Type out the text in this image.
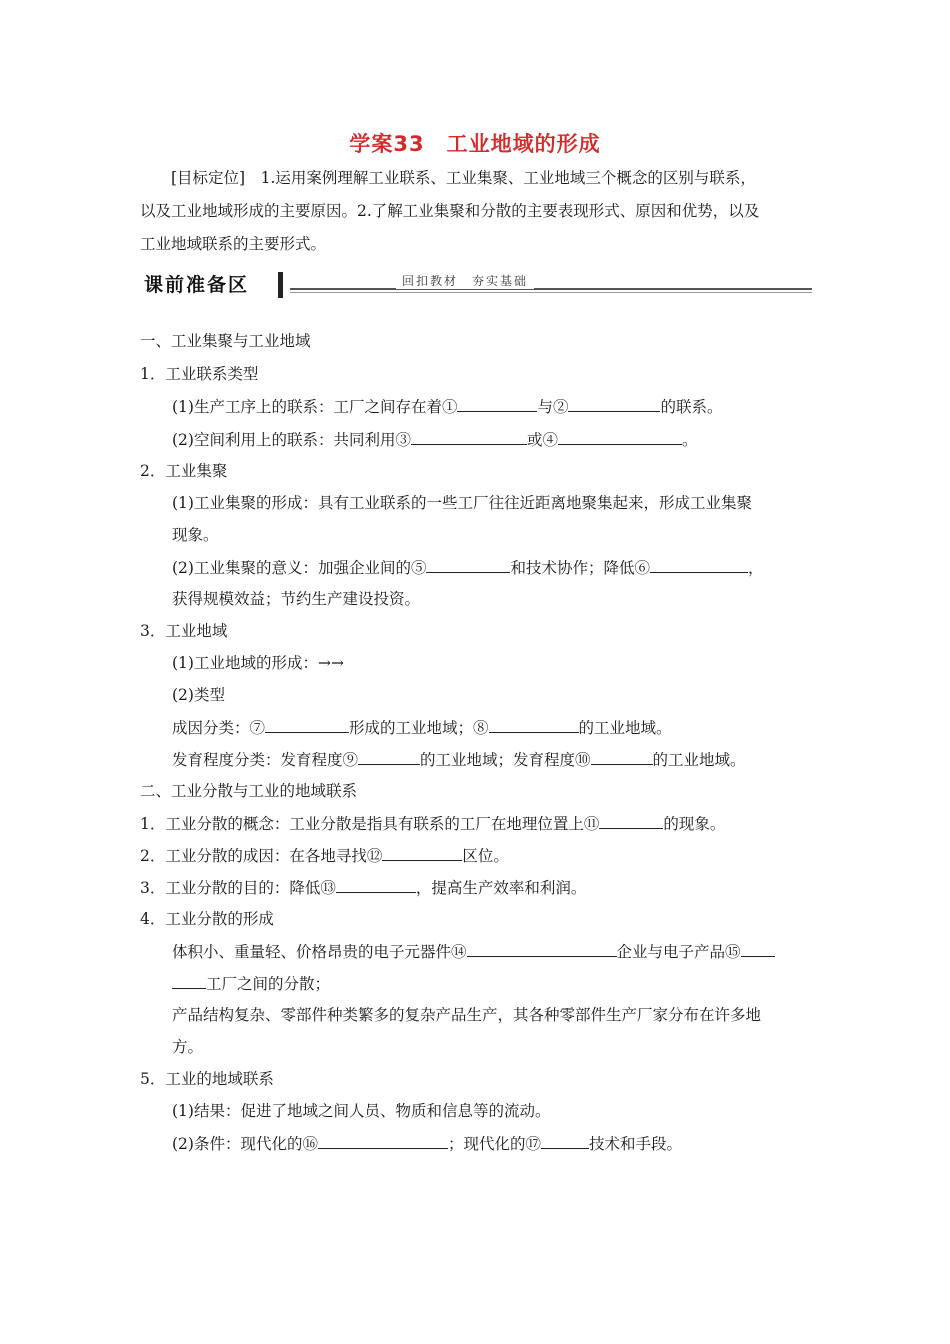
学案33　工业地域的形成
[目标定位]　1.运用案例理解工业联系、工业集聚、工业地域三个概念的区别与联系，
以及工业地域形成的主要原因。2.了解工业集聚和分散的主要表现形式、原因和优势，以及
工业地域联系的主要形式。
课前准备区	回扣教材　夯实基础
一、工业集聚与工业地域
1．工业联系类型
(1)生产工序上的联系：工厂之间存在着①	与②	的联系。
(2)空间利用上的联系：共同利用③	或④	。
2．工业集聚
(1)工业集聚的形成：具有工业联系的一些工厂往往近距离地聚集起来，形成工业集聚
现象。
(2)工业集聚的意义：加强企业间的⑤	和技术协作；降低⑥	，
获得规模效益；节约生产建设投资。
3．工业地域
(1)工业地域的形成：→→
(2)类型
成因分类：⑦	形成的工业地域；⑧	的工业地域。
发育程度分类：发育程度⑨	的工业地域；发育程度⑩	的工业地域。
二、工业分散与工业的地域联系
1．工业分散的概念：工业分散是指具有联系的工厂在地理位置上⑪	的现象。
2．工业分散的成因：在各地寻找⑫	区位。
3．工业分散的目的：降低⑬	，提高生产效率和利润。
4．工业分散的形成
体积小、重量轻、价格昂贵的电子元器件⑭	企业与电子产品⑮
工厂之间的分散；
产品结构复杂、零部件种类繁多的复杂产品生产，其各种零部件生产厂家分布在许多地
方。
5．工业的地域联系
(1)结果：促进了地域之间人员、物质和信息等的流动。
(2)条件：现代化的⑯	；现代化的⑰	技术和手段。
